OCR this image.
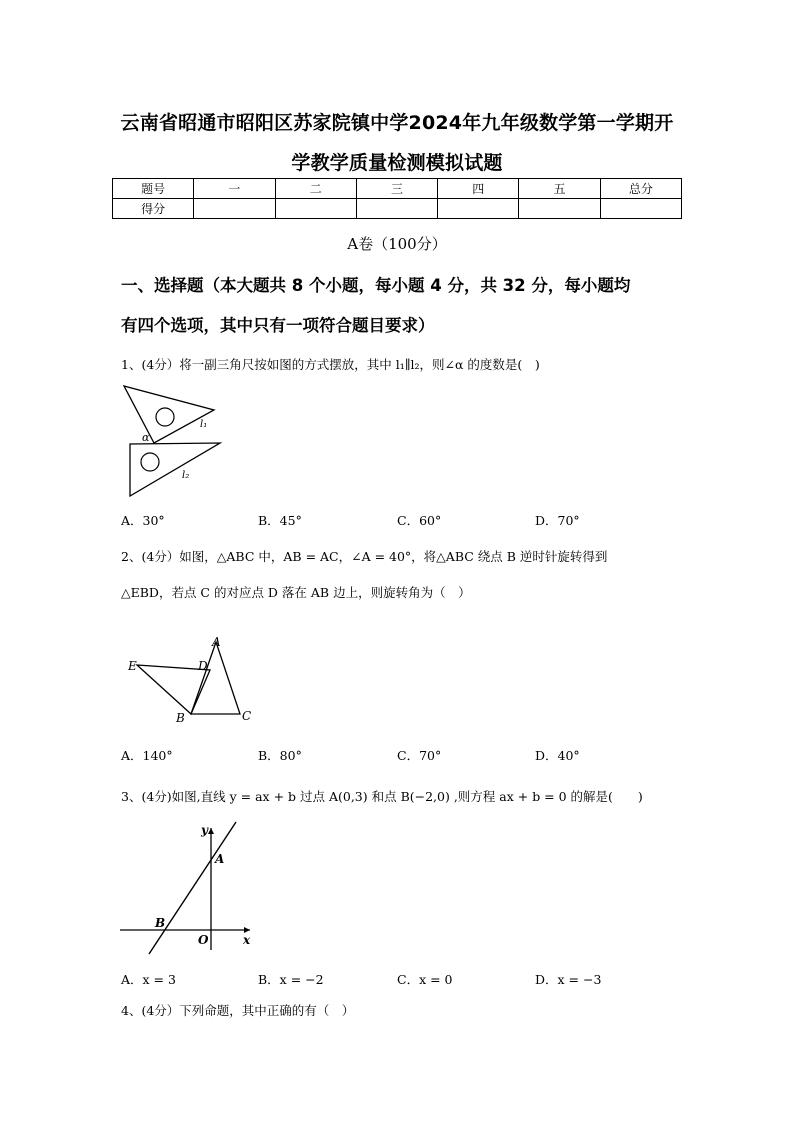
云南省昭通市昭阳区苏家院镇中学2024年九年级数学第一学期开
学教学质量检测模拟试题
题号	一	二	三	四	五	总分
得分						
A卷（100分）
一、选择题（本大题共 8 个小题，每小题 4 分，共 32 分，每小题均
有四个选项，其中只有一项符合题目要求）
1、(4分）将一副三角尺按如图的方式摆放，其中 l₁∥l₂，则∠α 的度数是(　)
α
l₁
l₂
A．30°	B．45°	C．60°	D．70°
2、(4分）如图，△ABC 中，AB = AC，∠A = 40°，将△ABC 绕点 B 逆时针旋转得到
△EBD，若点 C 的对应点 D 落在 AB 边上，则旋转角为（　）
A
D
E
B	C
A．140°	B．80°	C．70°	D．40°
3、(4分)如图,直线 y = ax + b 过点 A(0,3) 和点 B(−2,0) ,则方程 ax + b = 0 的解是(　　)
y
x
A
B
O
A．x = 3	B．x = −2	C．x = 0	D．x = −3
4、(4分）下列命题，其中正确的有（　）
